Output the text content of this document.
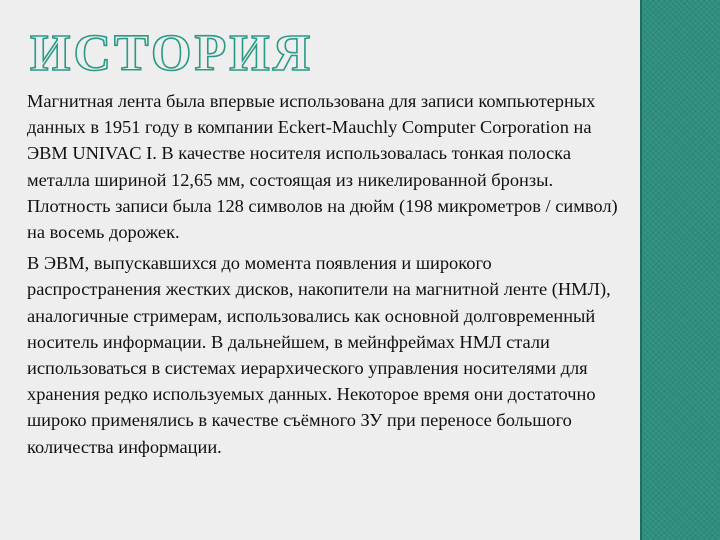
ИСТОРИЯ

Магнитная лента была впервые использована для записи компьютерных данных в 1951 году в компании Eckert-Mauchly Computer Corporation на ЭВМ UNIVAC I. В качестве носителя использовалась тонкая полоска металла шириной 12,65 мм, состоящая из никелированной бронзы. Плотность записи была 128 символов на дюйм (198 микрометров / символ) на восемь дорожек.

В ЭВМ, выпускавшихся до момента появления и широкого распространения жестких дисков, накопители на магнитной ленте (НМЛ), аналогичные стримерам, использовались как основной долговременный носитель информации. В дальнейшем, в мейнфреймах НМЛ стали использоваться в системах иерархического управления носителями для хранения редко используемых данных. Некоторое время они достаточно широко применялись в качестве съёмного ЗУ при переносе большого количества информации.
